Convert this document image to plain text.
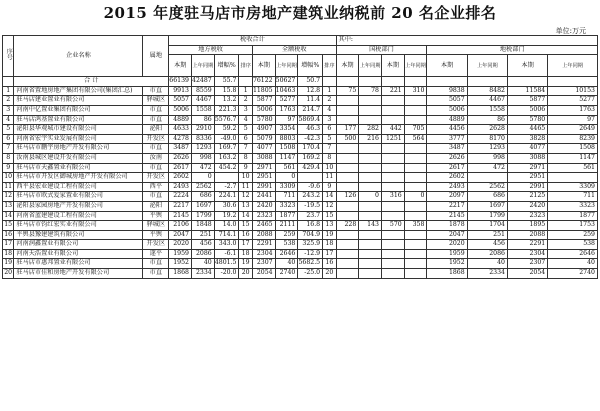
2015 年度驻马店市房地产建筑业纳税前 20 名企业排名
单位:万元
序号	企业名称	属地	税收合计								其中:							
			地方税收				全额税收				国税部门				地税部门			
			本期	上年同期	增幅%	排序	本期	上年同期	增幅%	排序	本期	上年同期	本期	上年同期	本期	上年同期	本期	上年同期
	合 计		66139	42487	55.7		76122	50627	50.7									
1	河南省置地房地产集团有限公司(集团汇总)	市直	9913	8559	15.8	1	11805	10463	12.8	1	75	78	221	310	9838	8482	11584	10153
2	驻马店建业置业有限公司	驿城区	5057	4467	13.2	2	5877	5277	11.4	2					5057	4467	5877	5277
3	河南中亿置业集团有限公司	市直	5006	1558	221.3	3	5006	1763	214.7	4					5006	1558	5006	1763
4	驻马店鸿基置业有限公司	市直	4889	86	5576.7	4	5780	97	5869.4	3					4889	86	5780	97
5	泌阳县华观城市建设有限公司	泌阳	4633	2910	59.2	5	4907	3354	46.3	6	177	282	442	705	4456	2628	4465	2649
6	河南省宏宇实业发展有限公司	开发区	4278	8336	-49.0	6	5079	8803	-42.3	5	500	216	1251	564	3777	8170	3828	8239
7	驻马店市鹏宇房地产开发有限公司	市直	3487	1293	169.7	7	4077	1508	170.4	7					3487	1293	4077	1508
8	汝南县城区建设开发有限公司	汝南	2626	998	163.2	8	3088	1147	169.2	8					2626	998	3088	1147
9	驻马店市天鑫置业有限公司	市直	2617	472	454.2	9	2971	561	429.4	10					2617	472	2971	561
10	驻马店市开发区御城房地产开发有限公司	开发区	2602	0		10	2951	0		11					2602		2951	
11	西平县宏业建设工程有限公司	西平	2493	2562	-2.7	11	2991	3309	-9.6	9					2493	2562	2991	3309
12	驻马店市欧式爱家置业有限公司	市直	2224	686	224.1	12	2441	711	243.2	14	126	0	316	0	2097	686	2125	711
13	泌阳县家园房地产开发有限公司	泌阳	2217	1697	30.6	13	2420	3323	-19.5	12					2217	1697	2420	3323
14	河南省蓝建建设工程有限公司	平舆	2145	1799	19.2	14	2323	1877	23.7	15					2145	1799	2323	1877
15	驻马店市钧红宏实业有限公司	驿城区	2106	1848	14.0	15	2465	2111	16.8	13	228	143	570	358	1878	1704	1895	1753
16	平舆县豫建建筑有限公司	平舆	2047	251	714.1	16	2088	259	704.9	19					2047	251	2088	259
17	河南润鑫置业有限公司	开发区	2020	456	343.0	17	2291	538	325.9	18					2020	456	2291	538
18	河南天浩置业有限公司	遂平	1959	2086	-6.1	18	2304	2646	-12.9	17					1959	2086	2304	2646
19	驻马店市惠邦置业有限公司	市直	1952	40	4801.5	19	2307	40	5682.5	16					1952	40	2307	40
20	驻马店市佳和房地产开发有限公司	市直	1868	2334	-20.0	20	2054	2740	-25.0	20					1868	2334	2054	2740
